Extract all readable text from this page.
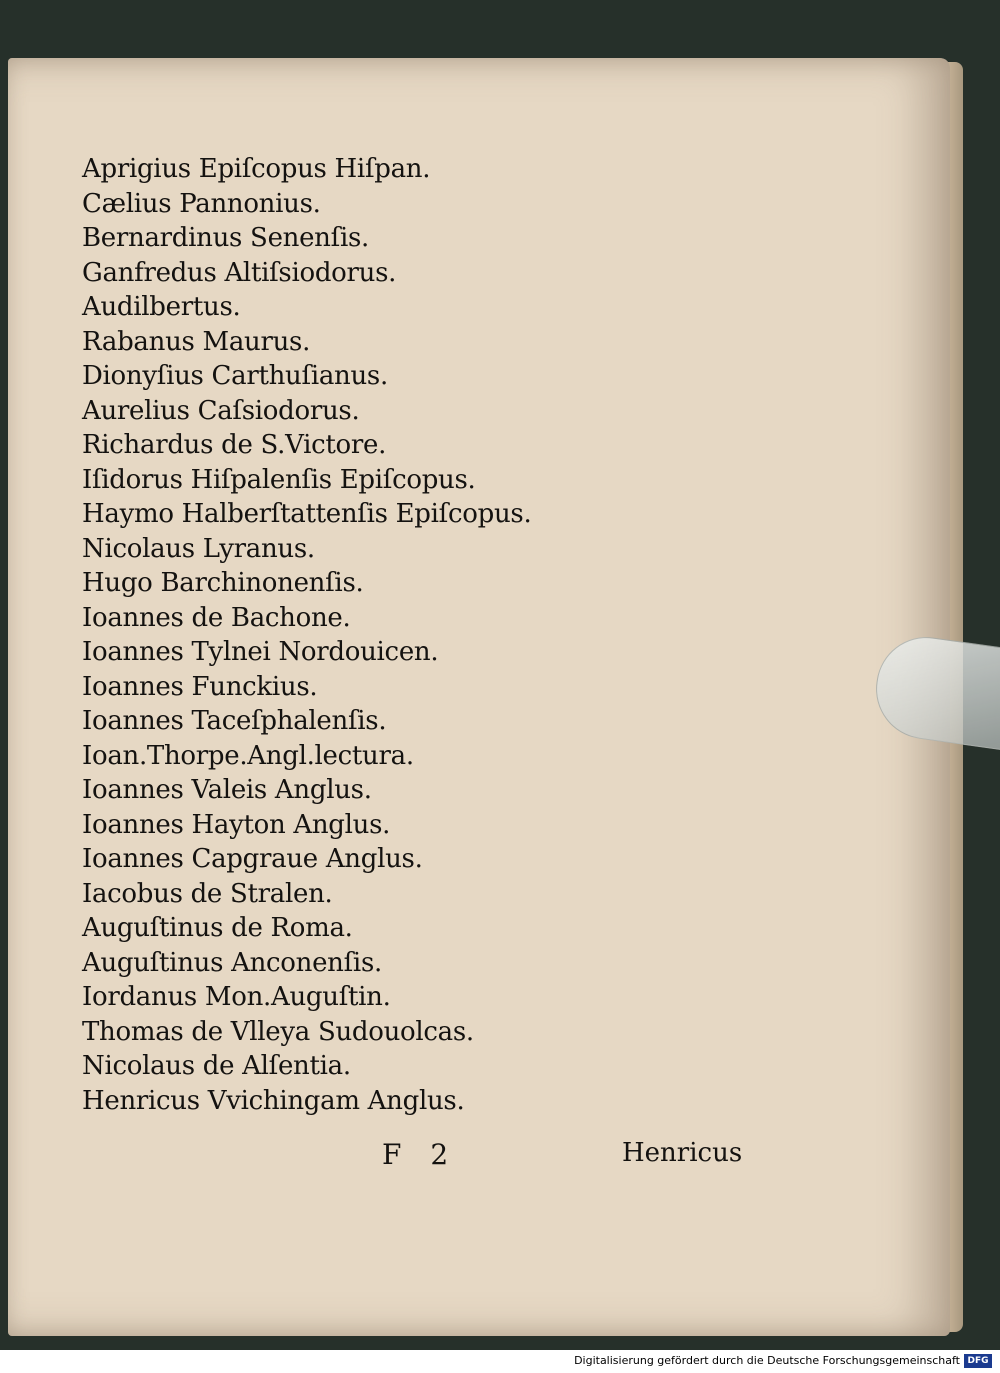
Aprigius Epiſcopus Hiſpan.
Cælius Pannonius.
Bernardinus Senenſis.
Ganfredus Altiſsiodorus.
Audilbertus.
Rabanus Maurus.
Dionyſius Carthuſianus.
Aurelius Caſsiodorus.
Richardus de S.Victore.
Iſidorus Hiſpalenſis Epiſcopus.
Haymo Halberſtattenſis Epiſcopus.
Nicolaus Lyranus.
Hugo Barchinonenſis.
Ioannes de Bachone.
Ioannes Tylnei Nordouicen.
Ioannes Funckius.
Ioannes Taceſphalenſis.
Ioan.Thorpe.Angl.lectura.
Ioannes Valeis Anglus.
Ioannes Hayton Anglus.
Ioannes Capgraue Anglus.
Iacobus de Stralen.
Auguſtinus de Roma.
Auguſtinus Anconenſis.
Iordanus Mon.Auguſtin.
Thomas de Vlleya Sudouolcas.
Nicolaus de Alſentia.
Henricus Vvichingam Anglus.
F 2	Henricus
Digitalisierung gefördert durch die Deutsche Forschungsgemeinschaft DFG
